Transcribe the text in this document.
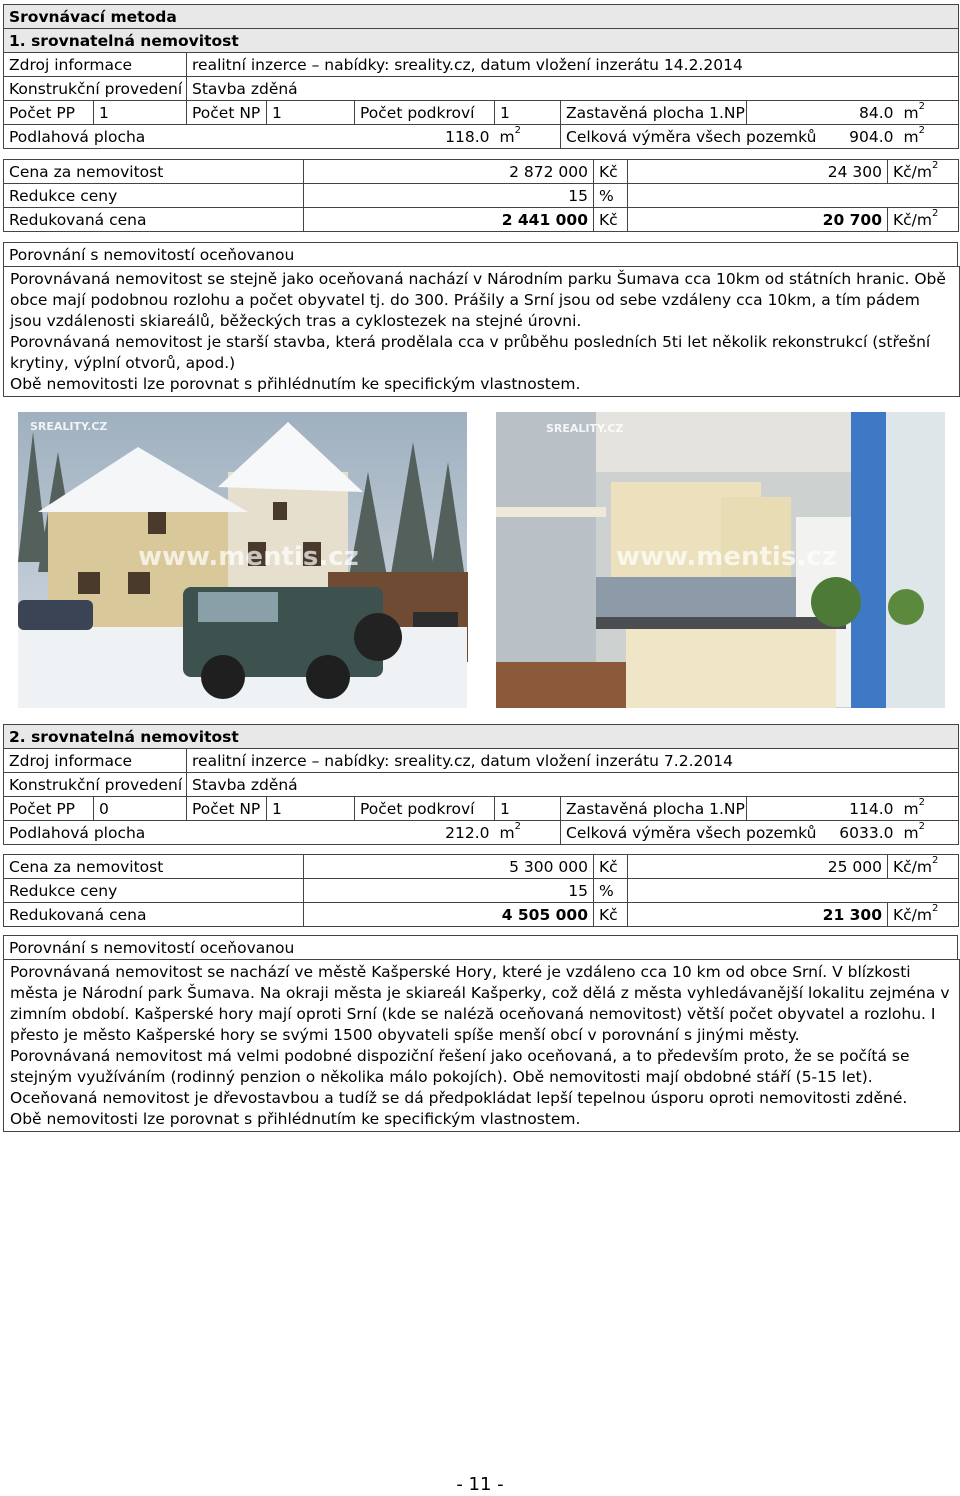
Srovnávací metoda								
1. srovnatelná nemovitost								
Zdroj informace		realitní inzerce – nabídky: sreality.cz, datum vložení inzerátu 14.2.2014						
Konstrukční provedení		Stavba zděná						
Počet PP	1	Počet NP	1	Počet podkroví	1	Zastavěná plocha 1.NP	84.0	$m^2$
Podlahová plocha				118.0	$m^2$	Celková výměra všech pozemků	904.0	$m^2$
Cena za nemovitost	2 872 000	Kč	24 300	$Kč/m^2$
Redukce ceny	15	%		
Redukovaná cena	2 441 000	Kč	20 700	$Kč/m^2$
Porovnání s nemovitostí oceňovanou

Porovnávaná nemovitost se stejně jako oceňovaná nachází v Národním parku Šumava cca 10km od státních hranic. Obě obce mají podobnou rozlohu a počet obyvatel tj. do 300. Prášily a Srní jsou od sebe vzdáleny cca 10km, a tím pádem jsou vzdálenosti skiareálů, běžeckých tras a cyklostezek na stejné úrovni.

Porovnávaná nemovitost je starší stavba, která prodělala cca v průběhu posledních 5ti let několik rekonstrukcí (střešní krytiny, výplní otvorů, apod.)

Obě nemovitosti lze porovnat s přihlédnutím ke specifickým vlastnostem.

SREALITY.CZ
www.mentis.cz
SREALITY.CZ
www.mentis.cz
2. srovnatelná nemovitost								
Zdroj informace		realitní inzerce – nabídky: sreality.cz, datum vložení inzerátu 7.2.2014						
Konstrukční provedení		Stavba zděná						
Počet PP	0	Počet NP	1	Počet podkroví	1	Zastavěná plocha 1.NP	114.0	$m^2$
Podlahová plocha				212.0	$m^2$	Celková výměra všech pozemků	6033.0	$m^2$
Cena za nemovitost	5 300 000	Kč	25 000	$Kč/m^2$
Redukce ceny	15	%		
Redukovaná cena	4 505 000	Kč	21 300	$Kč/m^2$
Porovnání s nemovitostí oceňovanou

Porovnávaná nemovitost se nachází ve městě Kašperské Hory, které je vzdáleno cca 10 km od obce Srní. V blízkosti města je Národní park Šumava. Na okraji města je skiareál Kašperky, což dělá z města vyhledávanější lokalitu zejména v zimním období. Kašperské hory mají oproti Srní (kde se naléză oceňovaná nemovitost) větší počet obyvatel a rozlohu. I přesto je město Kašperské hory se svými 1500 obyvateli spíše menší obcí v porovnání s jinými městy.

Porovnávaná nemovitost má velmi podobné dispoziční řešení jako oceňovaná, a to především proto, že se počítá se stejným využíváním (rodinný penzion o několika málo pokojích). Obě nemovitosti mají obdobné stáří (5-15 let).

Oceňovaná nemovitost je dřevostavbou a tudíž se dá předpokládat lepší tepelnou úsporu oproti nemovitosti zděné.

Obě nemovitosti lze porovnat s přihlédnutím ke specifickým vlastnostem.

- 11 -
